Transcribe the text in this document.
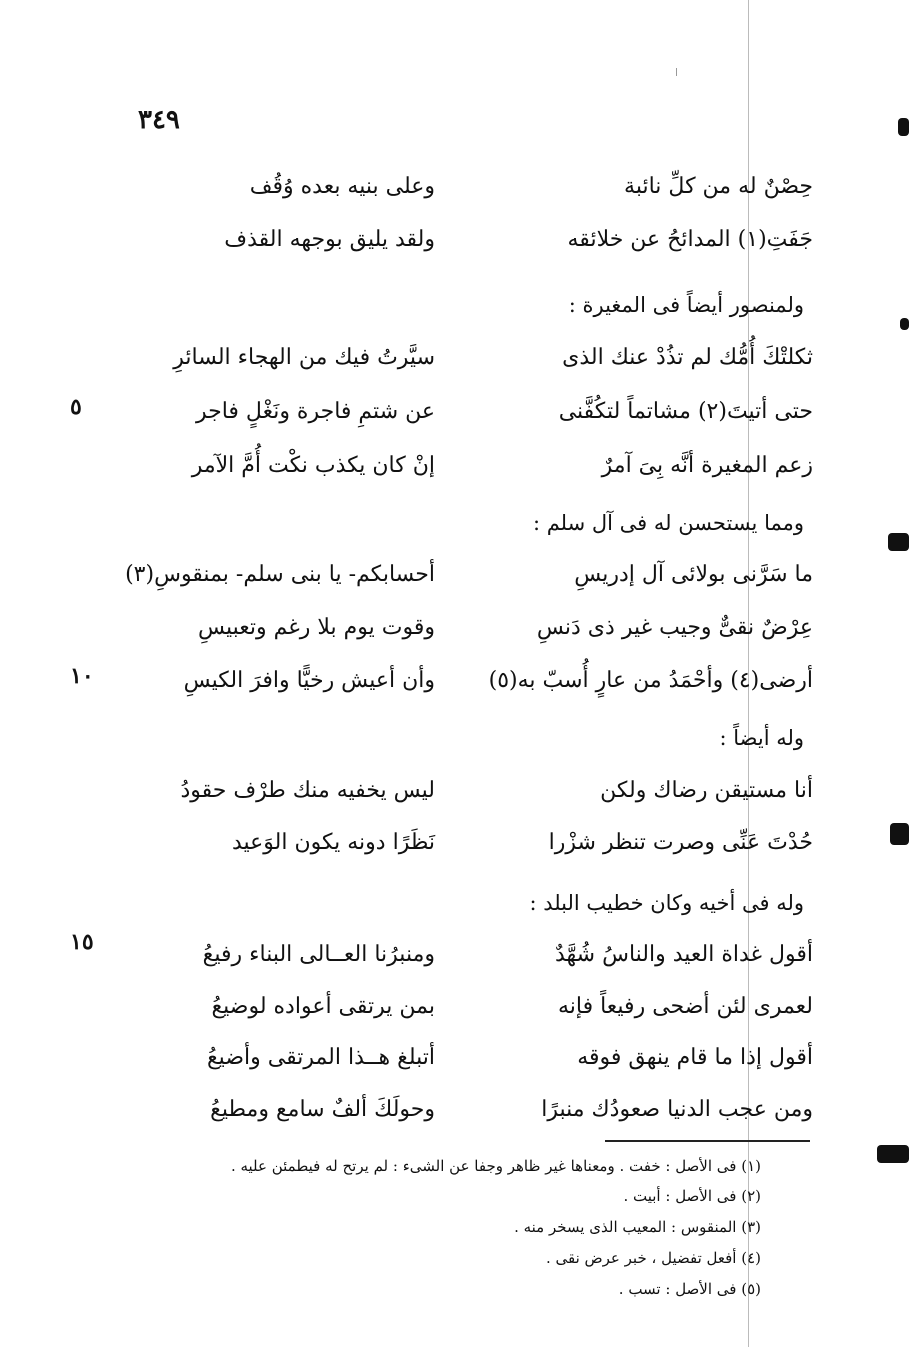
٣٤٩
حِصْنٌ له من كلِّ نائبة
وعلى بنيه بعده وُقُف
جَفَتِ(١) المدائحُ عن خلائقه
ولقد يليق بوجهه القذف
ولمنصور أيضاً فى المغيرة :
ثكلتْكَ أُمُّك لم تذُدْ عنك الذى
سيَّرتُ فيك من الهجاء السائرِ
حتى أتيتَ(٢) مشاتماً لتكُفَّنى
عن شتمِ فاجرة ونَغْلٍ فاجر
٥
زعم المغيرة أنَّه بِىَ آمرٌ
إنْ كان يكذب نكْت أُمَّ الآمر
ومما يستحسن له فى آل سلم :
ما سَرَّنى بولائى آل إدريسِ
أحسابكم- يا بنى سلم- بمنقوسِ(٣)
عِرْضٌ نقىٌّ وجيب غير ذى دَنسِ
وقوت يوم بلا رغم وتعبيسِ
أرضى(٤) وأحْمَدُ من عارٍ أُسبّ به(٥)
وأن أعيش رخيًّا وافرَ الكيسِ
١٠
وله أيضاً :
أنا مستيقن رضاك ولكن
ليس يخفيه منك طرْف حقودُ
حُدْتَ عَنِّى وصرت تنظر شزْرا
نَظَرًا دونه يكون الوَعيد
وله فى أخيه وكان خطيب البلد :
أقول غداة العيد والناسُ شُهَّدٌ
ومنبرُنا العــالى البناء رفيعُ
١٥
لعمرى لئن أضحى رفيعاً فإنه
بمن يرتقى أعواده لوضيعُ
أقول إذا ما قام ينهق فوقه
أتبلغ هــذا المرتقى وأضيعُ
ومن عجب الدنيا صعودُك منبرًا
وحولَكَ ألفٌ سامع ومطيعُ
(١) فى الأصل : خفت . ومعناها غير ظاهر وجفا عن الشىء : لم يرتح له فيطمئن عليه .
(٢) فى الأصل : أبيت .
(٣) المنقوس : المعيب الذى يسخر منه .
(٤) أفعل تفضيل ، خبر عرض نقى .
(٥) فى الأصل : تسب .
